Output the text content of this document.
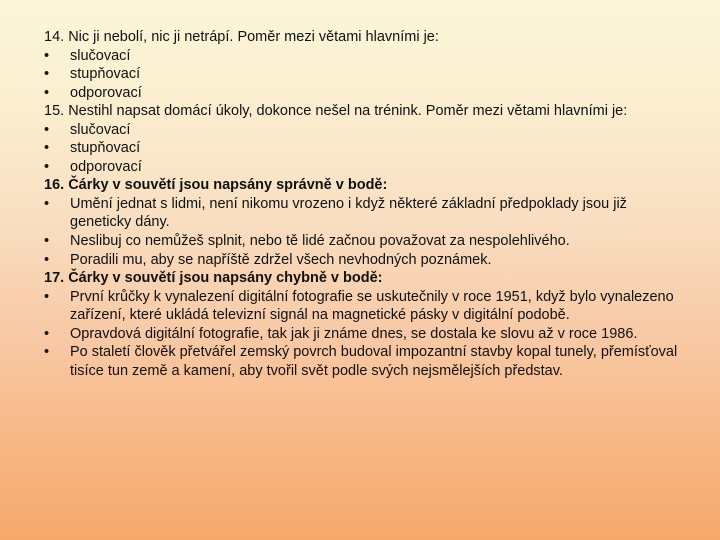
14. Nic ji nebolí, nic ji netrápí. Poměr mezi větami hlavními je:

• slučovací

• stupňovací

• odporovací

15. Nestihl napsat domácí úkoly, dokonce nešel na trénink. Poměr mezi větami hlavními je:

• slučovací

• stupňovací

• odporovací

16. Čárky v souvětí jsou napsány správně v bodě:

• Umění jednat s lidmi, není nikomu vrozeno i když některé základní předpoklady jsou již geneticky dány.

• Neslibuj co nemůžeš splnit, nebo tě lidé začnou považovat za nespolehlivého.

• Poradili mu, aby se napříště zdržel všech nevhodných poznámek.

17. Čárky v souvětí jsou napsány chybně v bodě:

• První krůčky k vynalezení digitální fotografie se uskutečnily v roce 1951, když bylo vynalezeno zařízení, které ukládá televizní signál na magnetické pásky v digitální podobě.

• Opravdová digitální fotografie, tak jak ji známe dnes, se dostala ke slovu až v roce 1986.

• Po staletí člověk přetvářel zemský povrch budoval impozantní stavby kopal tunely, přemísťoval tisíce tun země a kamení, aby tvořil svět podle svých nejsmělejších představ.
